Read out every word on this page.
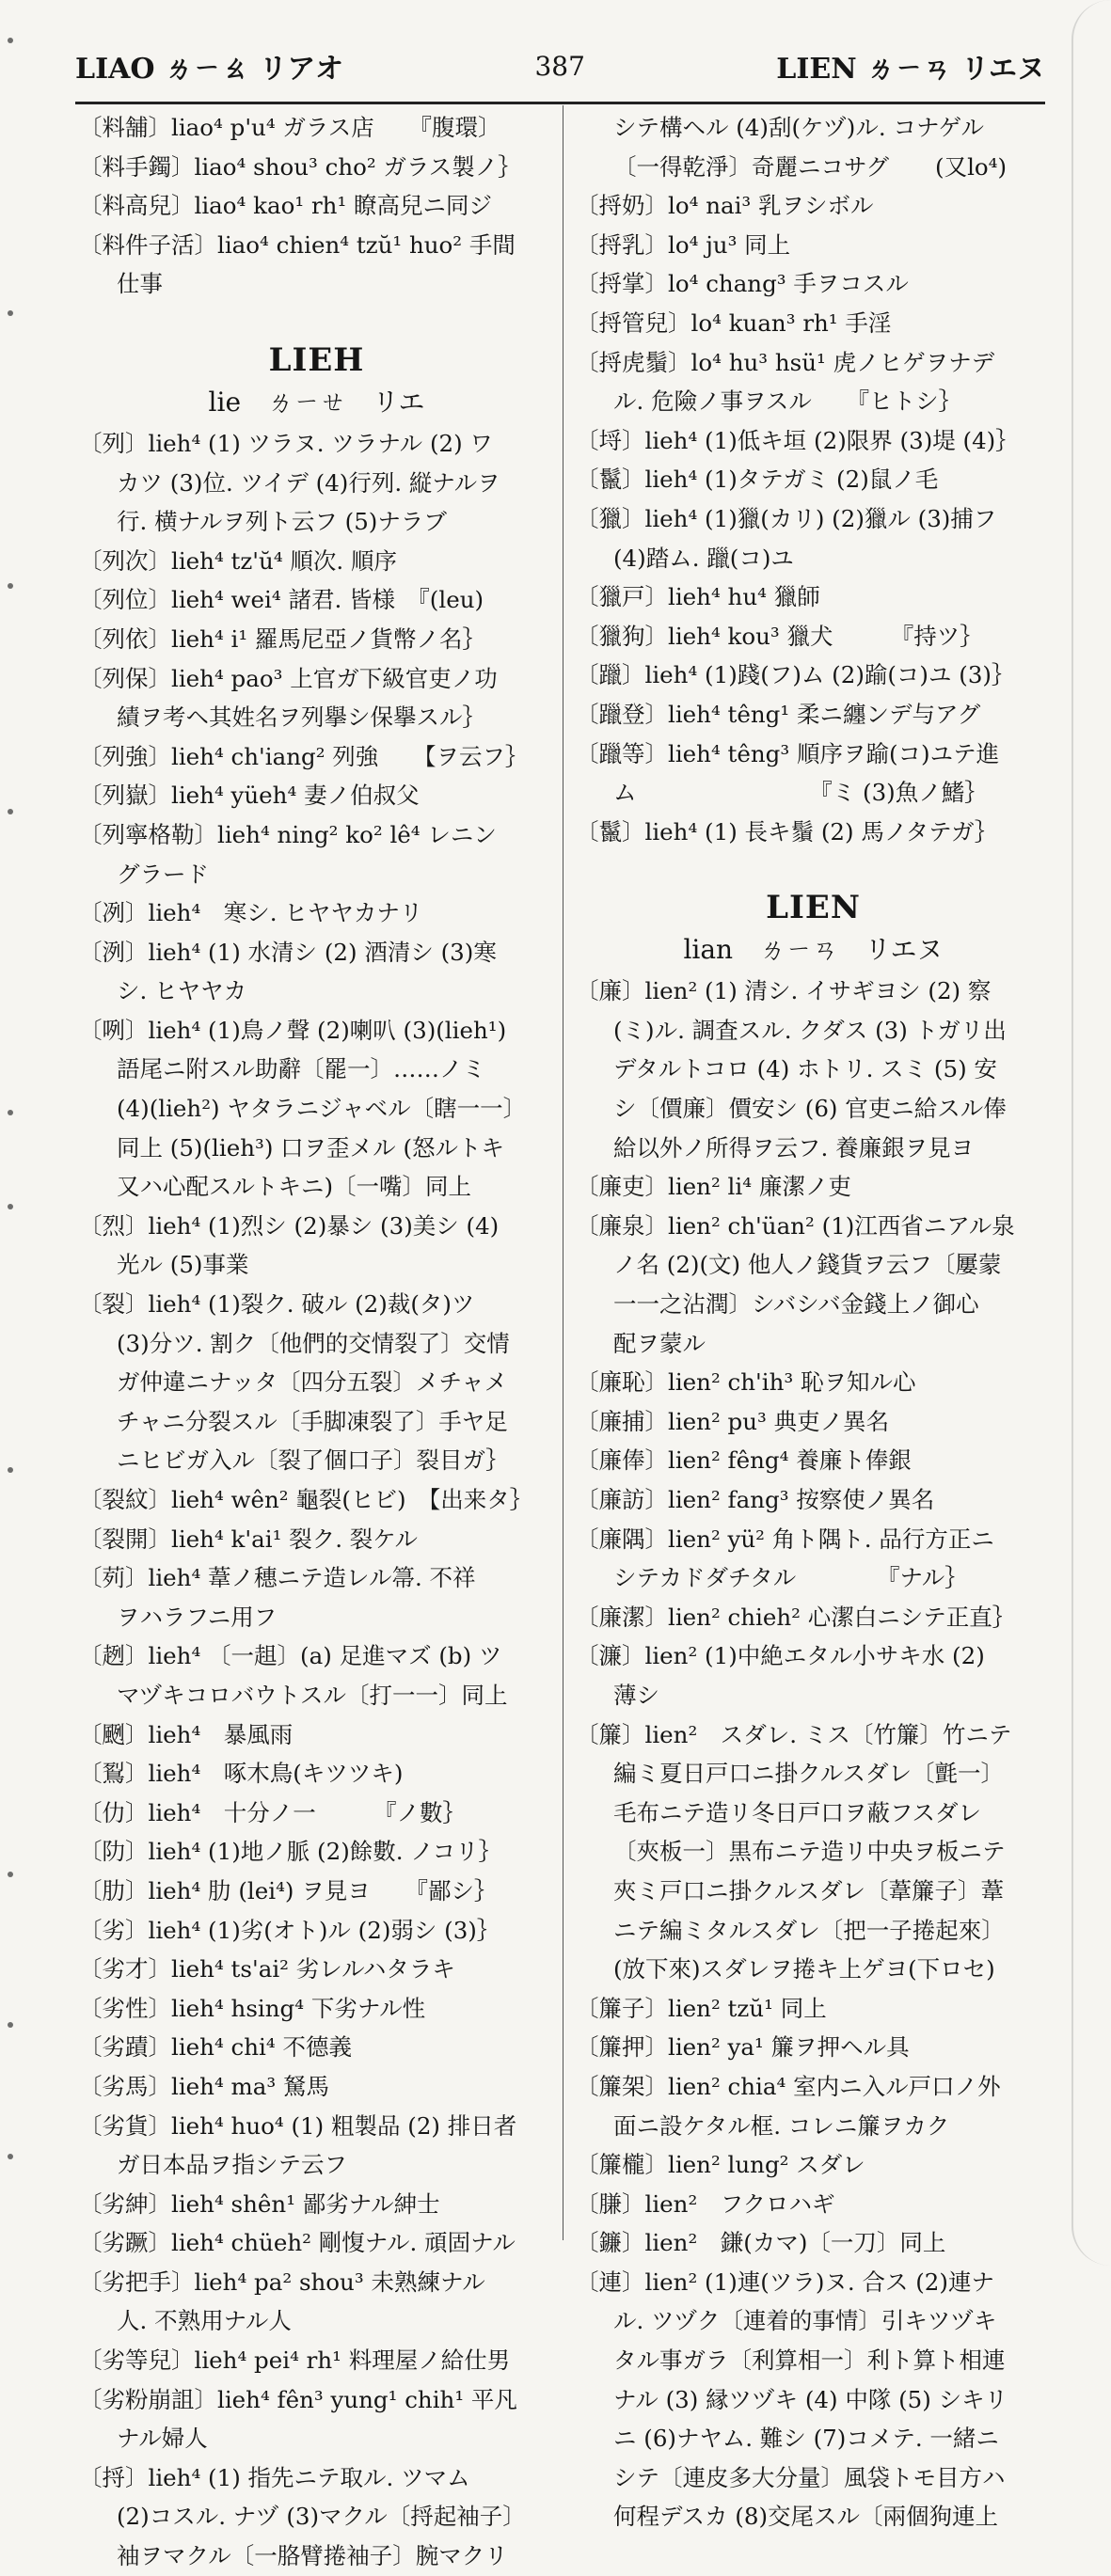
LIAO ㄌㄧㄠ リアオ	387	LIEN ㄌㄧㄢ リエヌ
〔料舗〕liao⁴ p'u⁴ ガラス店　　『腹環〕
〔料手鐲〕liao⁴ shou³ cho² ガラス製ノ｝
〔料高兒〕liao⁴ kao¹ rh¹ 瞭高兒ニ同ジ
〔料件子活〕liao⁴ chien⁴ tzŭ¹ huo² 手間
仕事
LIEH
lie　ㄌㄧㄝ　リエ
〔列〕lieh⁴ (1) ツラヌ. ツラナル (2) ワ
カツ (3)位. ツイデ (4)行列. 縦ナルヲ
行. 横ナルヲ列ト云フ (5)ナラブ
〔列次〕lieh⁴ tz'ŭ⁴ 順次. 順序
〔列位〕lieh⁴ wei⁴ 諸君. 皆様　『(leu)
〔列依〕lieh⁴ i¹ 羅馬尼亞ノ貨幣ノ名｝
〔列保〕lieh⁴ pao³ 上官ガ下級官吏ノ功
績ヲ考ヘ其姓名ヲ列擧シ保擧スル｝
〔列強〕lieh⁴ ch'iang² 列強　　【ヲ云フ｝
〔列嶽〕lieh⁴ yüeh⁴ 妻ノ伯叔父
〔列寧格勒〕lieh⁴ ning² ko² lê⁴ レニン
グラード
〔冽〕lieh⁴　寒シ. ヒヤヤカナリ
〔洌〕lieh⁴ (1) 水清シ (2) 酒清シ (3)寒
シ. ヒヤヤカ
〔咧〕lieh⁴ (1)鳥ノ聲 (2)喇叭 (3)(lieh¹)
語尾ニ附スル助辭〔罷一〕……ノミ
(4)(lieh²) ヤタラニジャベル〔瞎一一〕
同上 (5)(lieh³) 口ヲ歪メル (怒ルトキ
又ハ心配スルトキニ)〔一嘴〕同上
〔烈〕lieh⁴ (1)烈シ (2)暴シ (3)美シ (4)
光ル (5)事業
〔裂〕lieh⁴ (1)裂ク. 破ル (2)裁(タ)ツ
(3)分ツ. 割ク〔他們的交情裂了〕交情
ガ仲違ニナッタ〔四分五裂〕メチャメ
チャニ分裂スル〔手脚凍裂了〕手ヤ足
ニヒビガ入ル〔裂了個口子〕裂目ガ｝
〔裂紋〕lieh⁴ wên² 龜裂(ヒビ)　【出来タ｝
〔裂開〕lieh⁴ k'ai¹ 裂ク. 裂ケル
〔茢〕lieh⁴ 葦ノ穗ニテ造レル箒. 不祥
ヲハラフニ用フ
〔趔〕lieh⁴ 〔一趄〕(a) 足進マズ (b) ツ
マヅキコロバウトスル〔打一一〕同上
〔颲〕lieh⁴　暴風雨
〔鴷〕lieh⁴　啄木鳥(キツツキ)
〔仂〕lieh⁴　十分ノ一　　　『ノ數｝
〔阞〕lieh⁴ (1)地ノ脈 (2)餘數. ノコリ｝
〔肋〕lieh⁴ 肋 (lei⁴) ヲ見ヨ　　『鄙シ｝
〔劣〕lieh⁴ (1)劣(オト)ル (2)弱シ (3)｝
〔劣才〕lieh⁴ ts'ai² 劣レルハタラキ
〔劣性〕lieh⁴ hsing⁴ 下劣ナル性
〔劣蹟〕lieh⁴ chi⁴ 不德義
〔劣馬〕lieh⁴ ma³ 駑馬
〔劣貨〕lieh⁴ huo⁴ (1) 粗製品 (2) 排日者
ガ日本品ヲ指シテ云フ
〔劣紳〕lieh⁴ shên¹ 鄙劣ナル紳士
〔劣蹶〕lieh⁴ chüeh² 剛愎ナル. 頑固ナル
〔劣把手〕lieh⁴ pa² shou³ 未熟練ナル
人. 不熟用ナル人
〔劣等兒〕lieh⁴ pei⁴ rh¹ 料理屋ノ給仕男
〔劣粉崩詛〕lieh⁴ fên³ yung¹ chih¹ 平凡
ナル婦人
〔捋〕lieh⁴ (1) 指先ニテ取ル. ツマム
(2)コスル. ナヅ (3)マクル〔捋起袖子〕
袖ヲマクル〔一胳臂捲袖子〕腕マクリ
シテ構ヘル (4)刮(ケヅ)ル. コナゲル
〔一得乾淨〕奇麗ニコサグ　　(又lo⁴)
〔捋奶〕lo⁴ nai³ 乳ヲシボル
〔捋乳〕lo⁴ ju³ 同上
〔捋掌〕lo⁴ chang³ 手ヲコスル
〔捋管兒〕lo⁴ kuan³ rh¹ 手淫
〔捋虎鬚〕lo⁴ hu³ hsü¹ 虎ノヒゲヲナデ
ル. 危險ノ事ヲスル　　『ヒトシ｝
〔埒〕lieh⁴ (1)低キ垣 (2)限界 (3)堤 (4)｝
〔鬣〕lieh⁴ (1)タテガミ (2)鼠ノ毛
〔獵〕lieh⁴ (1)獵(カリ) (2)獵ル (3)捕フ
(4)踏ム. 躐(コ)ユ
〔獵戸〕lieh⁴ hu⁴ 獵師
〔獵狗〕lieh⁴ kou³ 獵犬　　　『持ツ｝
〔躐〕lieh⁴ (1)踐(フ)ム (2)踰(コ)ユ (3)｝
〔躐登〕lieh⁴ têng¹ 柔ニ纏ンデ与アグ
〔躐等〕lieh⁴ têng³ 順序ヲ踰(コ)ユテ進
ム　　　　　　　　『ミ (3)魚ノ鰭｝
〔鬣〕lieh⁴ (1) 長キ鬚 (2) 馬ノタテガ｝
LIEN
lian　ㄌㄧㄢ　リエヌ
〔廉〕lien² (1) 清シ. イサギヨシ (2) 察
(ミ)ル. 調査スル. クダス (3) トガリ出
デタルトコロ (4) ホトリ. スミ (5) 安
シ〔價廉〕價安シ (6) 官吏ニ給スル俸
給以外ノ所得ヲ云フ. 養廉銀ヲ見ヨ
〔廉吏〕lien² li⁴ 廉潔ノ吏
〔廉泉〕lien² ch'üan² (1)江西省ニアル泉
ノ名 (2)(文) 他人ノ錢貨ヲ云フ〔屢蒙
一一之沾潤〕シバシバ金錢上ノ御心
配ヲ蒙ル
〔廉恥〕lien² ch'ih³ 恥ヲ知ル心
〔廉捕〕lien² pu³ 典吏ノ異名
〔廉俸〕lien² fêng⁴ 養廉ト俸銀
〔廉訪〕lien² fang³ 按察使ノ異名
〔廉隅〕lien² yü² 角ト隅ト. 品行方正ニ
シテカドダチタル　　　　『ナル｝
〔廉潔〕lien² chieh² 心潔白ニシテ正直｝
〔濂〕lien² (1)中絶エタル小サキ水 (2)
薄シ
〔簾〕lien²　スダレ. ミス〔竹簾〕竹ニテ
編ミ夏日戸口ニ掛クルスダレ〔氈一〕
毛布ニテ造リ冬日戸口ヲ蔽フスダレ
〔夾板一〕黒布ニテ造リ中央ヲ板ニテ
夾ミ戸口ニ掛クルスダレ〔葦簾子〕葦
ニテ編ミタルスダレ〔把一子捲起來〕
(放下來)スダレヲ捲キ上ゲヨ(下ロセ)
〔簾子〕lien² tzŭ¹ 同上
〔簾押〕lien² ya¹ 簾ヲ押ヘル具
〔簾架〕lien² chia⁴ 室内ニ入ル戸口ノ外
面ニ設ケタル框. コレニ簾ヲカク
〔簾櫳〕lien² lung² スダレ
〔膁〕lien²　フクロハギ
〔鐮〕lien²　鎌(カマ)〔一刀〕同上
〔連〕lien² (1)連(ツラ)ヌ. 合ス (2)連ナ
ル. ツヅク〔連着的事情〕引キツヅキ
タル事ガラ〔利算相一〕利ト算ト相連
ナル (3) 縁ツヅキ (4) 中隊 (5) シキリ
ニ (6)ナヤム. 難シ (7)コメテ. 一緒ニ
シテ〔連皮多大分量〕風袋トモ目方ハ
何程デスカ (8)交尾スル〔兩個狗連上
